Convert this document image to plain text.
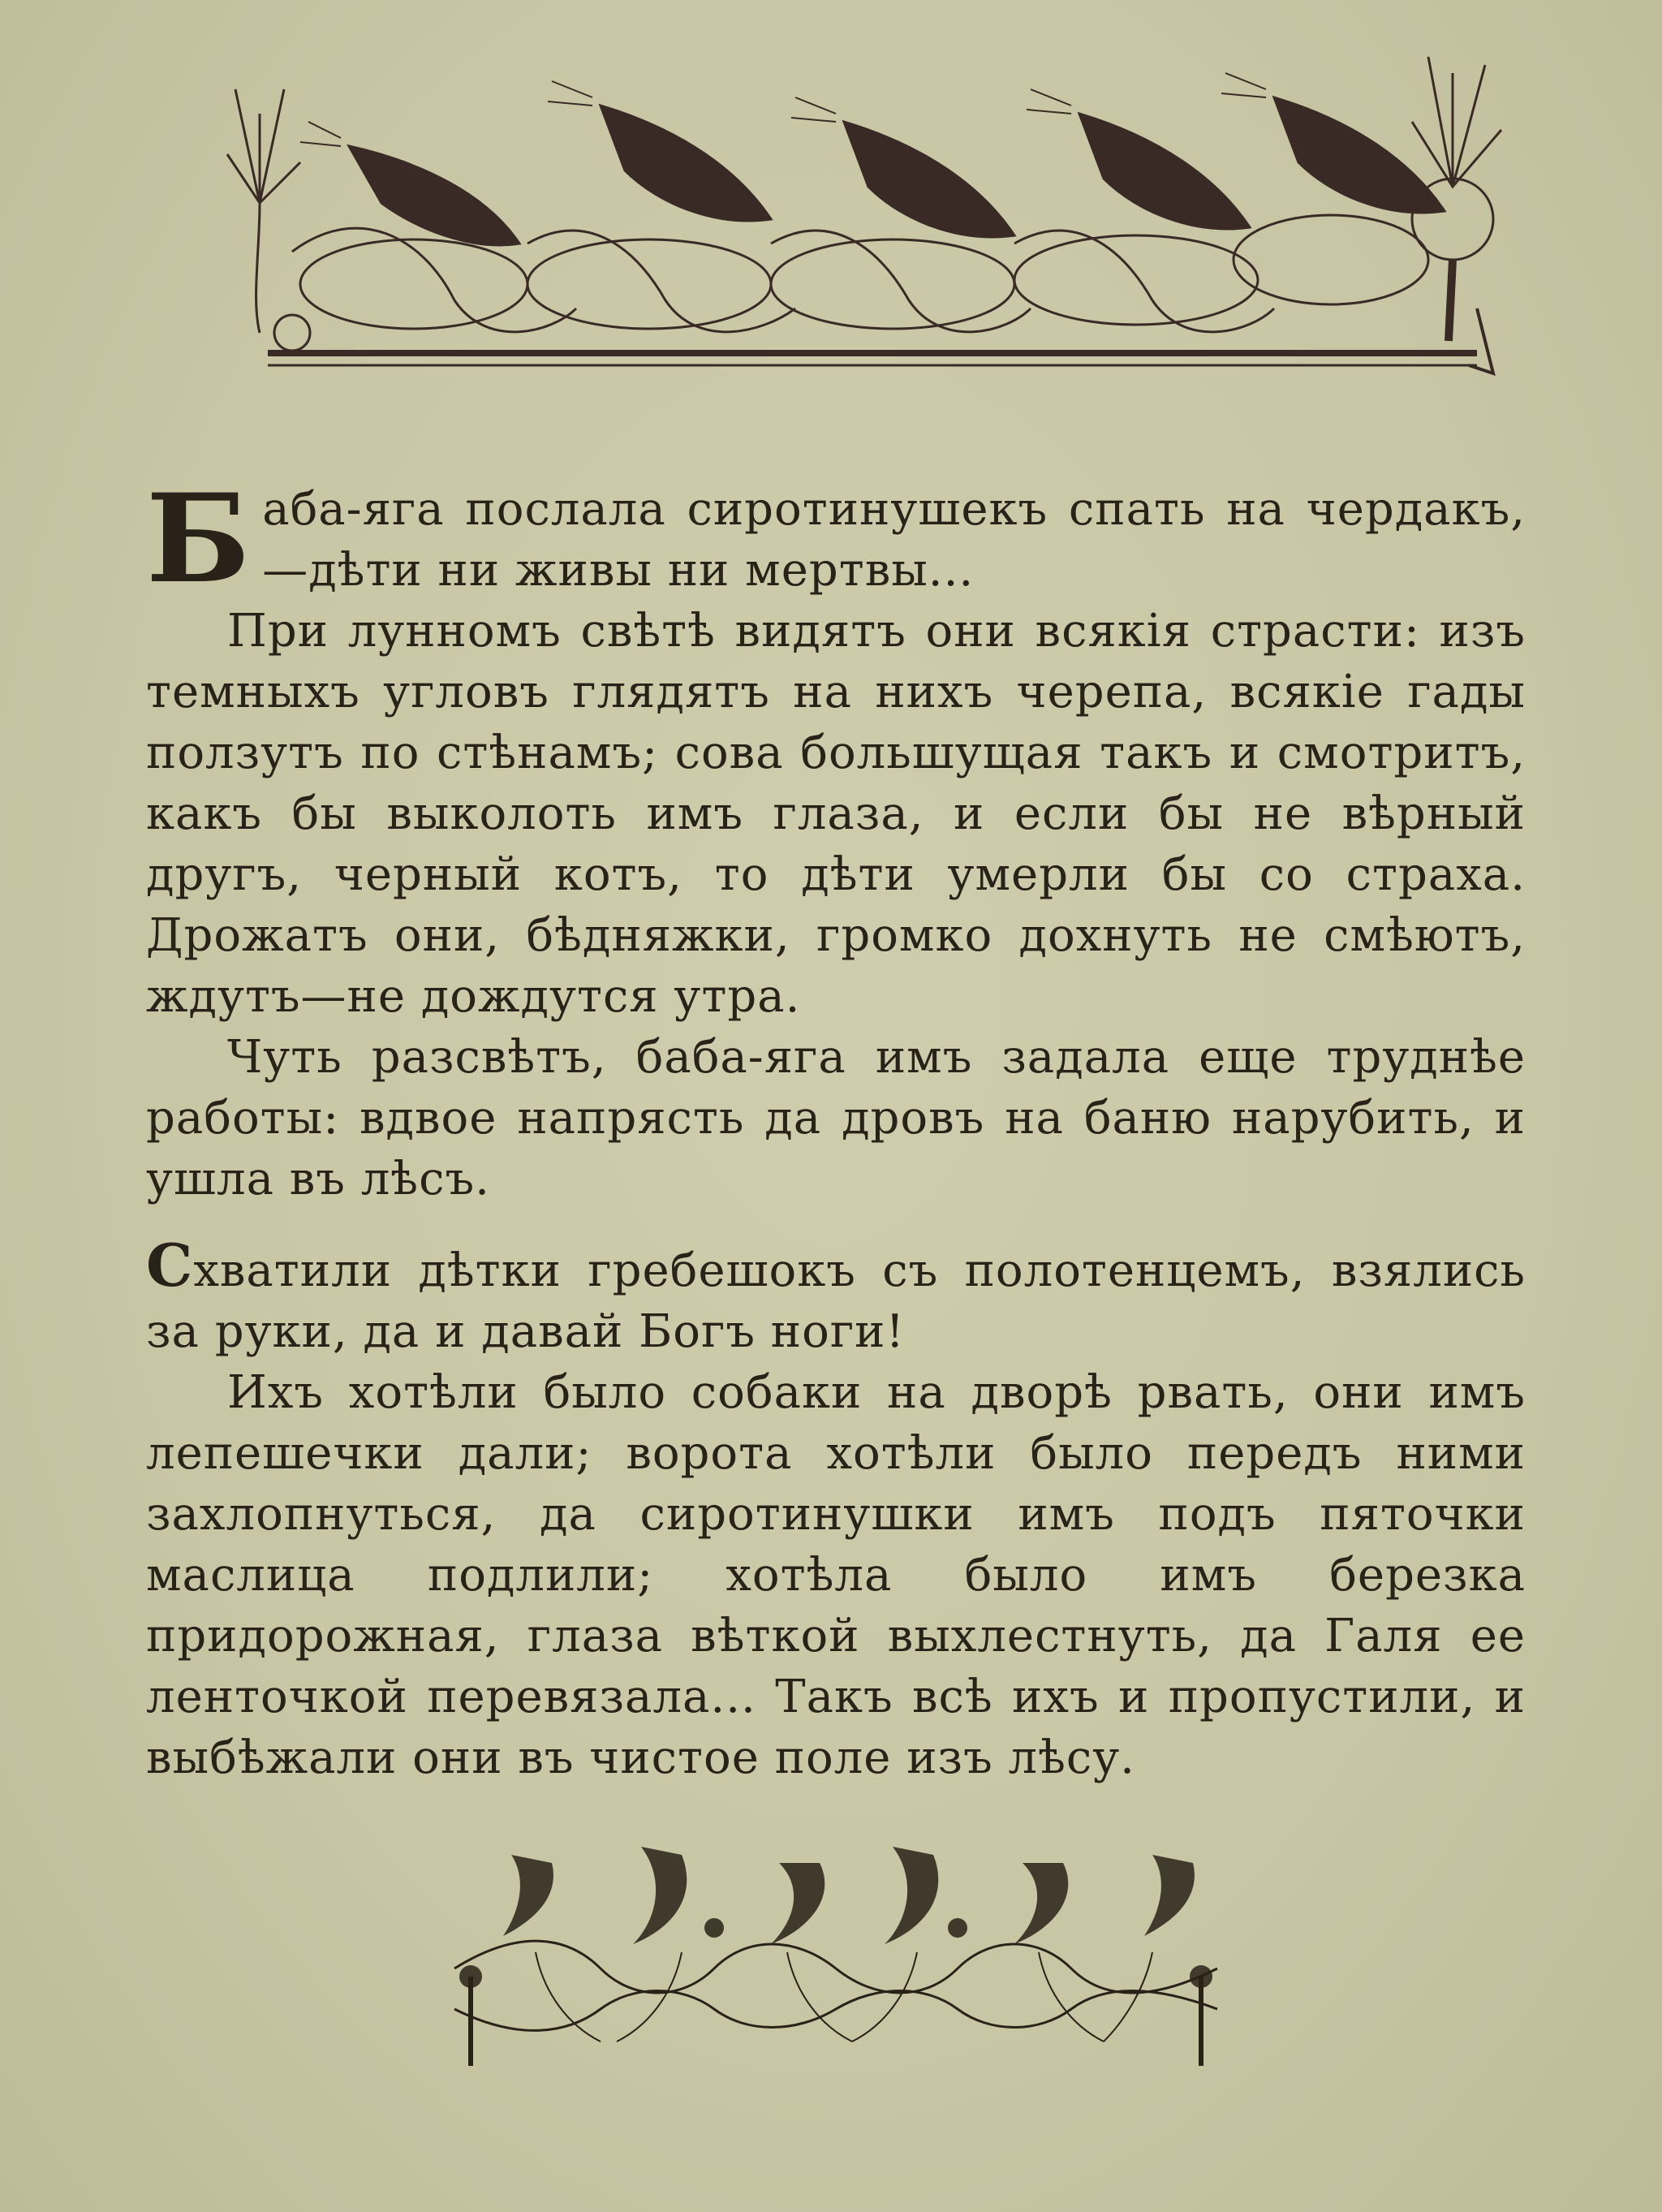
Баба-яга послала сиротинушекъ спать на чердакъ,—дѣти ни живы ни мертвы...

При лунномъ свѣтѣ видятъ они всякія страсти: изъ темныхъ угловъ глядятъ на нихъ черепа, всякіе гады ползутъ по стѣнамъ; сова большущая такъ и смотритъ, какъ бы выколоть имъ глаза, и если бы не вѣрный другъ, черный котъ, то дѣти умерли бы со страха. Дрожатъ они, бѣдняжки, громко дохнуть не смѣютъ, ждутъ—не дождутся утра.

Чуть разсвѣтъ, баба-яга имъ задала еще труднѣе работы: вдвое напрясть да дровъ на баню нарубить, и ушла въ лѣсъ.

Схватили дѣтки гребешокъ съ полотенцемъ, взялись за руки, да и давай Богъ ноги!

Ихъ хотѣли было собаки на дворѣ рвать, они имъ лепешечки дали; ворота хотѣли было передъ ними захлопнуться, да сиротинушки имъ подъ пяточки маслица подлили; хотѣла было имъ березка придорожная, глаза вѣткой выхлестнуть, да Галя ее ленточкой перевязала... Такъ всѣ ихъ и пропустили, и выбѣжали они въ чистое поле изъ лѣсу.
